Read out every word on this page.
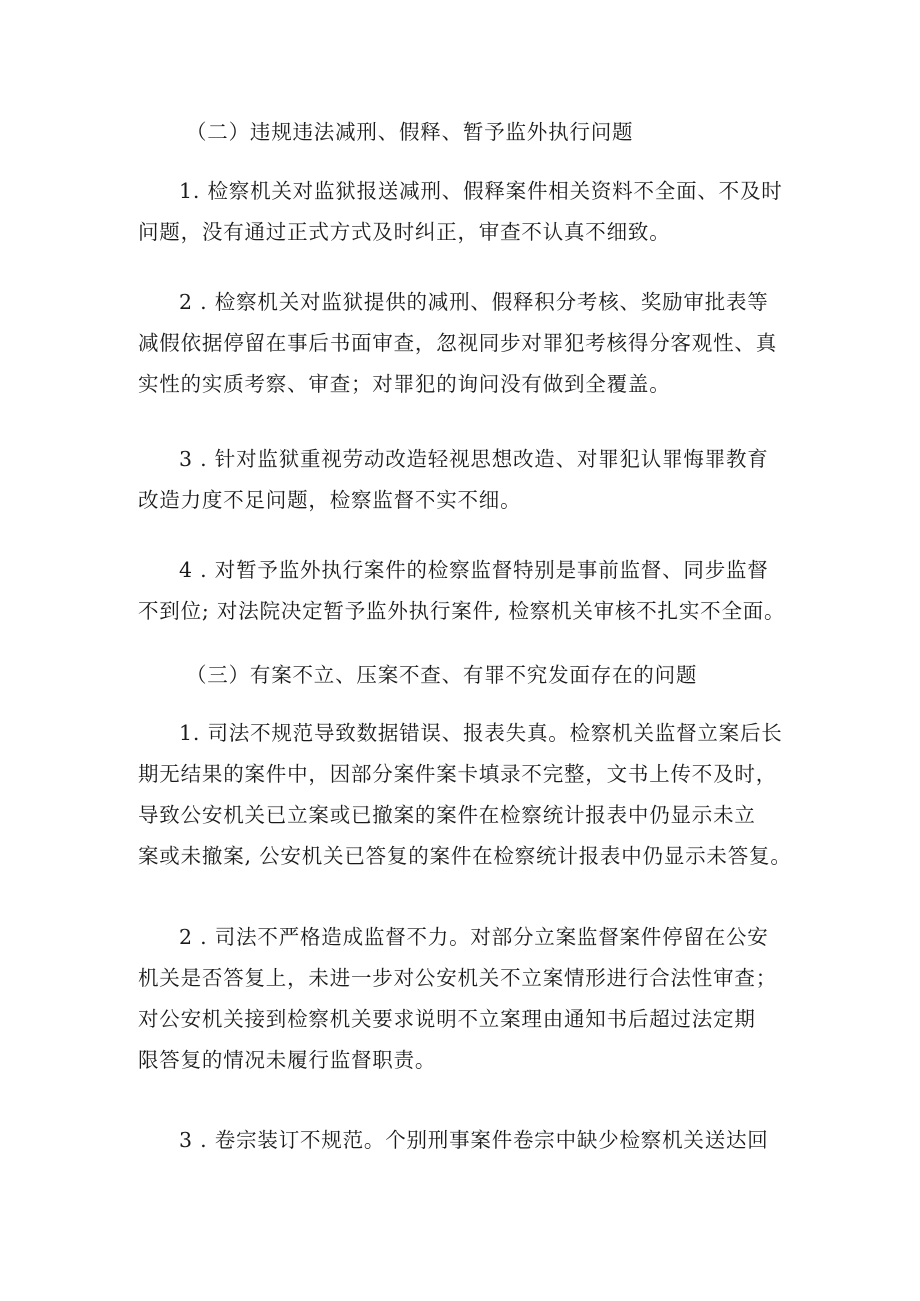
（二）违规违法减刑、假释、暂予监外执行问题

1. 检察机关对监狱报送减刑、假释案件相关资料不全面、不及时
问题，没有通过正式方式及时纠正，审查不认真不细致。

2 . 检察机关对监狱提供的减刑、假释积分考核、奖励审批表等
减假依据停留在事后书面审查，忽视同步对罪犯考核得分客观性、真
实性的实质考察、审查；对罪犯的询问没有做到全覆盖。

3 . 针对监狱重视劳动改造轻视思想改造、对罪犯认罪悔罪教育
改造力度不足问题，检察监督不实不细。

4 . 对暂予监外执行案件的检察监督特别是事前监督、同步监督
不到位; 对法院决定暂予监外执行案件, 检察机关审核不扎实不全面。

（三）有案不立、压案不查、有罪不究发面存在的问题

1. 司法不规范导致数据错误、报表失真。检察机关监督立案后长
期无结果的案件中，因部分案件案卡填录不完整，文书上传不及时，
导致公安机关已立案或已撤案的案件在检察统计报表中仍显示未立
案或未撤案, 公安机关已答复的案件在检察统计报表中仍显示未答复。

2 . 司法不严格造成监督不力。对部分立案监督案件停留在公安
机关是否答复上，未进一步对公安机关不立案情形进行合法性审查；
对公安机关接到检察机关要求说明不立案理由通知书后超过法定期
限答复的情况未履行监督职责。

3 . 卷宗装订不规范。个别刑事案件卷宗中缺少检察机关送达回
